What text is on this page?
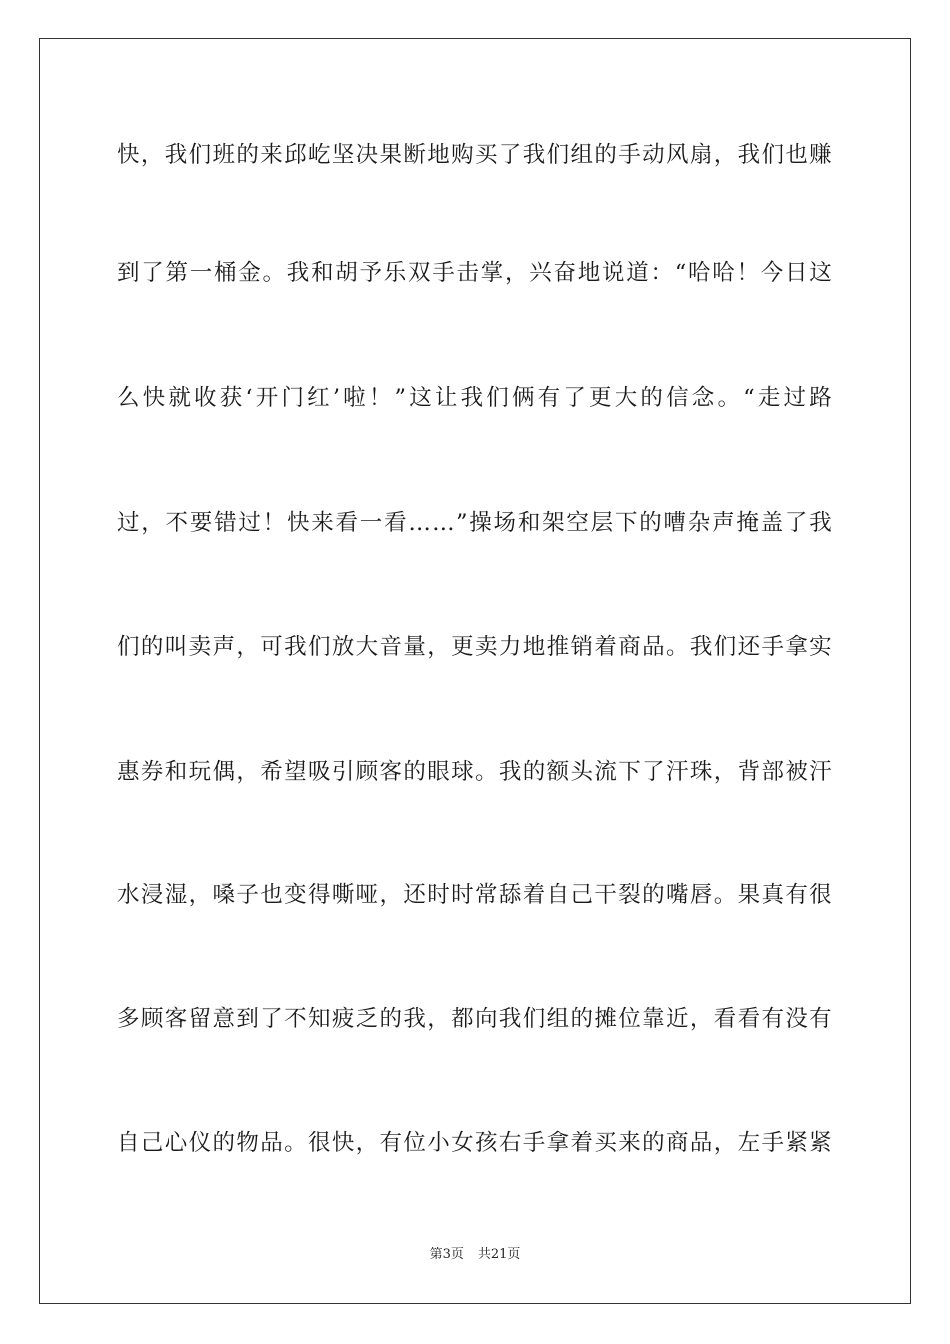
快，我们班的来邱屹坚决果断地购买了我们组的手动风扇，我们也赚
到了第一桶金。我和胡予乐双手击掌，兴奋地说道：“哈哈！今日这
么快就收获‘开门红’啦！”这让我们俩有了更大的信念。“走过路
过，不要错过！快来看一看……”操场和架空层下的嘈杂声掩盖了我
们的叫卖声，可我们放大音量，更卖力地推销着商品。我们还手拿实
惠券和玩偶，希望吸引顾客的眼球。我的额头流下了汗珠，背部被汗
水浸湿，嗓子也变得嘶哑，还时时常舔着自己干裂的嘴唇。果真有很
多顾客留意到了不知疲乏的我，都向我们组的摊位靠近，看看有没有
自己心仪的物品。很快，有位小女孩右手拿着买来的商品，左手紧紧
第3页 共21页
